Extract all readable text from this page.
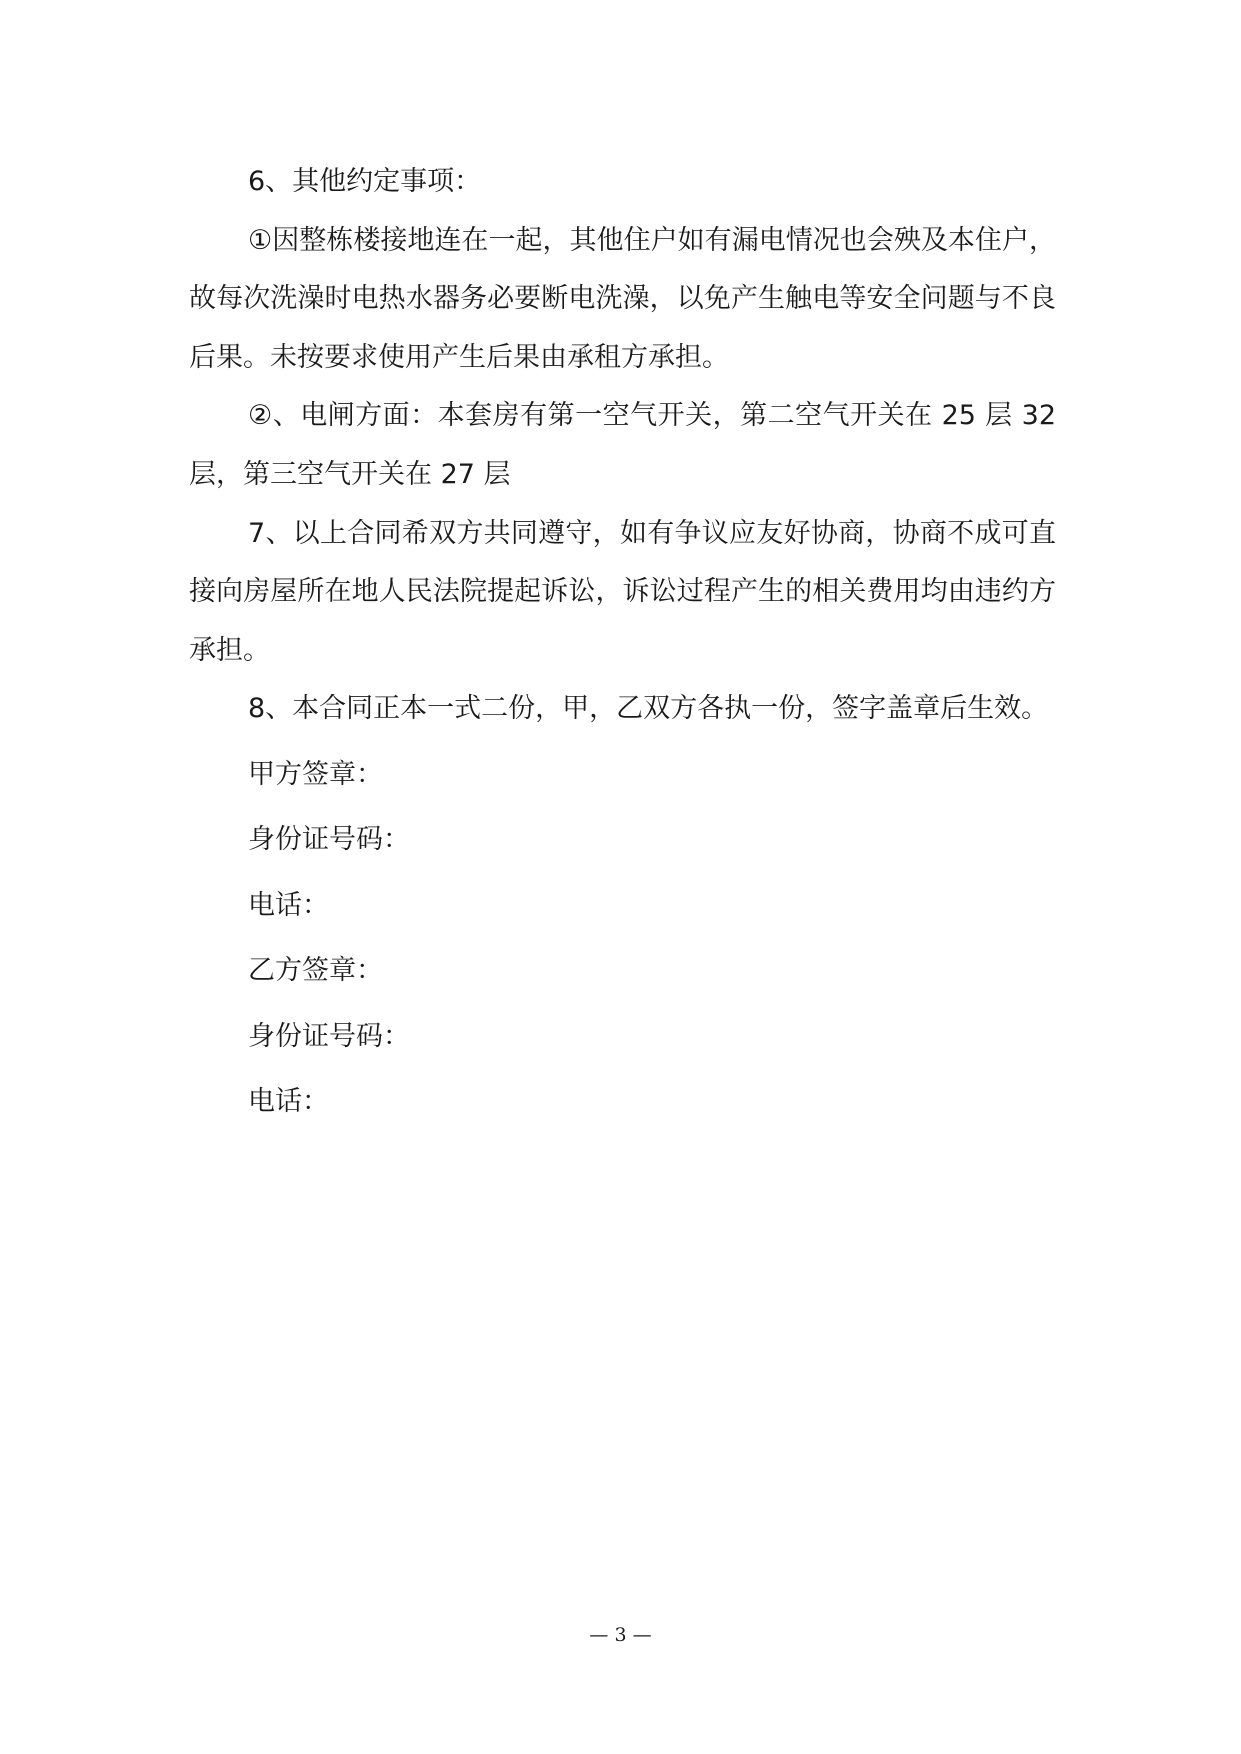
6、其他约定事项：

①因整栋楼接地连在一起，其他住户如有漏电情况也会殃及本住户，故每次洗澡时电热水器务必要断电洗澡，以免产生触电等安全问题与不良后果。未按要求使用产生后果由承租方承担。

②、电闸方面：本套房有第一空气开关，第二空气开关在 25 层 32 层，第三空气开关在 27 层

7、以上合同希双方共同遵守，如有争议应友好协商，协商不成可直接向房屋所在地人民法院提起诉讼，诉讼过程产生的相关费用均由违约方承担。

8、本合同正本一式二份，甲，乙双方各执一份，签字盖章后生效。

甲方签章：

身份证号码：

电话：

乙方签章：

身份证号码：

电话：

— 3 —
